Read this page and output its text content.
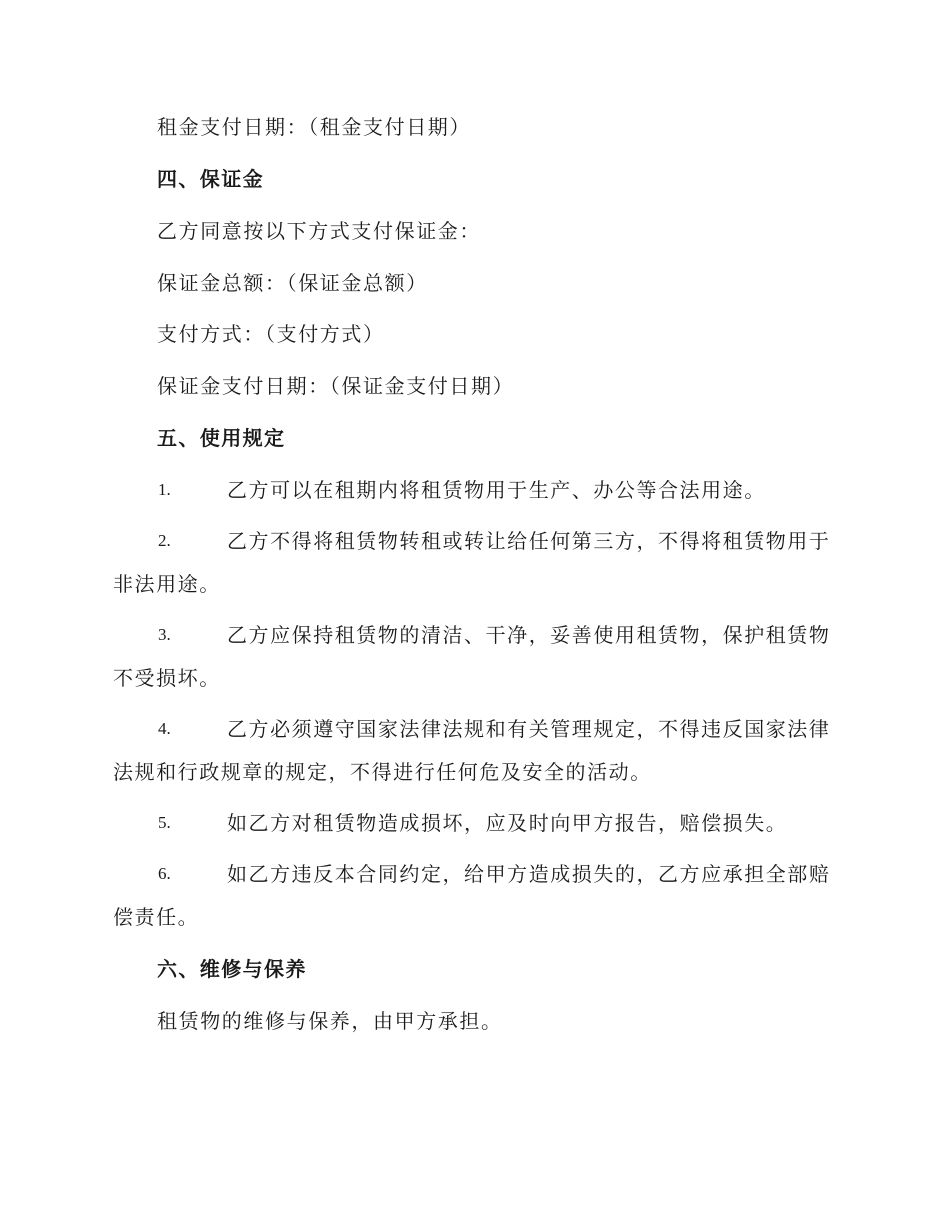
租金支付日期：（租金支付日期）
四、保证金
乙方同意按以下方式支付保证金：
保证金总额：（保证金总额）
支付方式：（支付方式）
保证金支付日期：（保证金支付日期）
五、使用规定
1.	乙方可以在租期内将租赁物用于生产、办公等合法用途。
2.	乙方不得将租赁物转租或转让给任何第三方，不得将租赁物用于
非法用途。
3.	乙方应保持租赁物的清洁、干净，妥善使用租赁物，保护租赁物
不受损坏。
4.	乙方必须遵守国家法律法规和有关管理规定，不得违反国家法律
法规和行政规章的规定，不得进行任何危及安全的活动。
5.	如乙方对租赁物造成损坏，应及时向甲方报告，赔偿损失。
6.	如乙方违反本合同约定，给甲方造成损失的，乙方应承担全部赔
偿责任。
六、维修与保养
租赁物的维修与保养，由甲方承担。
